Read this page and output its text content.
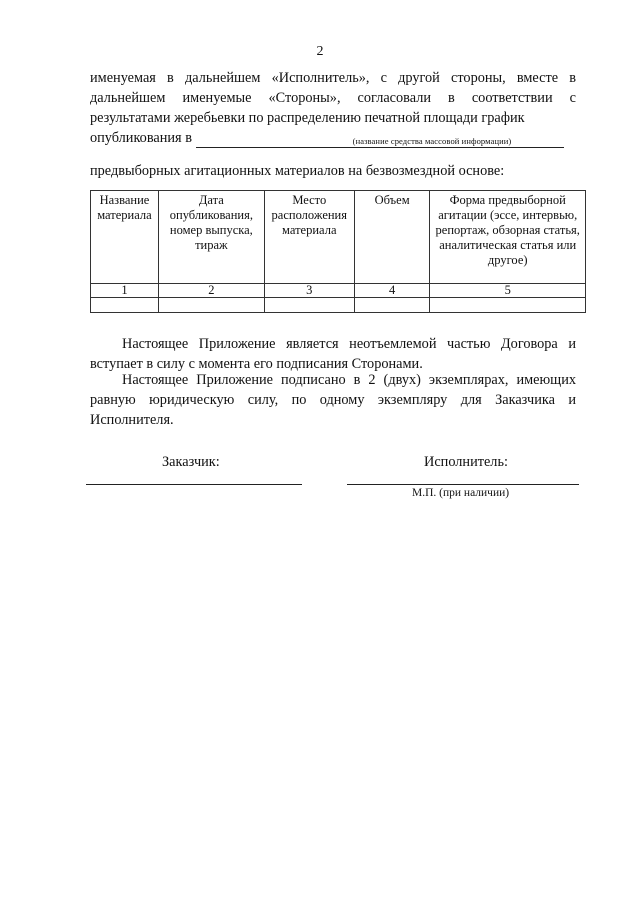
2
именуемая в дальнейшем «Исполнитель», с другой стороны, вместе в дальнейшем именуемые «Стороны», согласовали в соответствии с результатами жеребьевки по распределению печатной площади график
опубликования в	(название средства массовой информации)
предвыборных агитационных материалов на безвозмездной основе:
Название материала	Дата опубликования, номер выпуска, тираж	Место расположения материала	Объем	Форма предвыборной агитации (эссе, интервью, репортаж, обзорная статья, аналитическая статья или другое)
1	2	3	4	5

Настоящее Приложение является неотъемлемой частью Договора и вступает в силу с момента его подписания Сторонами.
Настоящее Приложение подписано в 2 (двух) экземплярах, имеющих равную юридическую силу, по одному экземпляру для Заказчика и Исполнителя.
Заказчик:	Исполнитель:
М.П. (при наличии)
